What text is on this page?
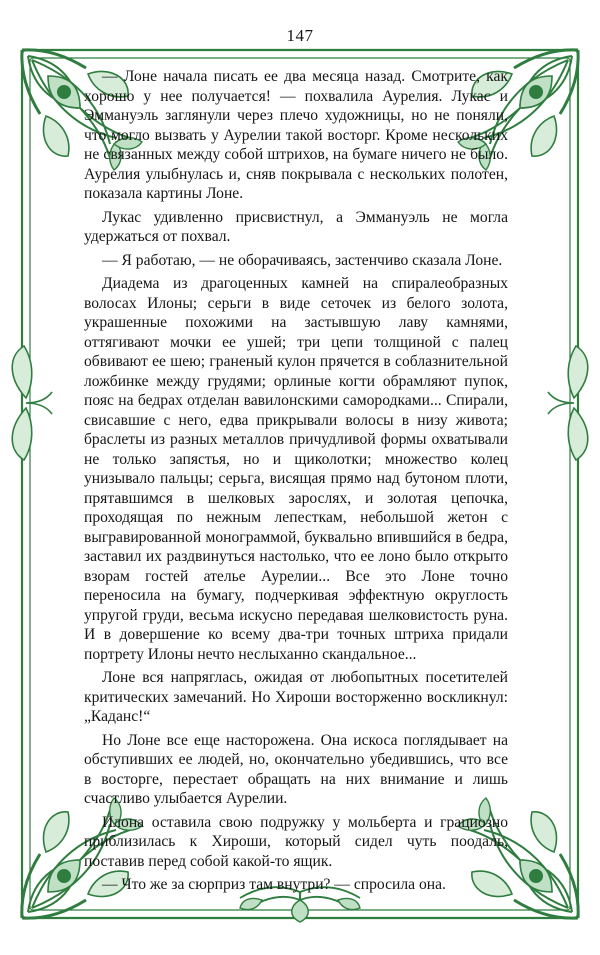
147

— Лоне начала писать ее два месяца назад. Смотрите, как хорошо у нее получается! — похвалила Аурелия. Лукас и Эммануэль заглянули через плечо художницы, но не поняли, что могло вызвать у Аурелии такой восторг. Кроме нескольких не связанных между собой штрихов, на бумаге ничего не было. Аурелия улыбнулась и, сняв покрывала с нескольких полотен, показала картины Лоне.

Лукас удивленно присвистнул, а Эммануэль не могла удержаться от похвал.

— Я работаю, — не оборачиваясь, застенчиво сказала Лоне.

Диадема из драгоценных камней на спиралеобразных волосах Илоны; серьги в виде сеточек из белого золота, украшенные похожими на застывшую лаву камнями, оттягивают мочки ее ушей; три цепи толщиной с палец обвивают ее шею; граненый кулон прячется в соблазнительной ложбинке между грудями; орлиные когти обрамляют пупок, пояс на бедрах отделан вавилонскими самородками... Спирали, свисавшие с него, едва прикрывали волосы в низу живота; браслеты из разных металлов причудливой формы охватывали не только запястья, но и щиколотки; множество колец унизывало пальцы; серьга, висящая прямо над бутоном плоти, прятавшимся в шелковых зарослях, и золотая цепочка, проходящая по нежным лепесткам, небольшой жетон с выгравированной монограммой, буквально впившийся в бедра, заставил их раздвинуться настолько, что ее лоно было открыто взорам гостей ателье Аурелии... Все это Лоне точно переносила на бумагу, подчеркивая эффектную округлость упругой груди, весьма искусно передавая шелковистость руна. И в довершение ко всему два-три точных штриха придали портрету Илоны нечто неслыханно скандальное...

Лоне вся напряглась, ожидая от любопытных посетителей критических замечаний. Но Хироши восторженно воскликнул: „Каданс!“

Но Лоне все еще насторожена. Она искоса поглядывает на обступивших ее людей, но, окончательно убедившись, что все в восторге, перестает обращать на них внимание и лишь счастливо улыбается Аурелии.

Илона оставила свою подружку у мольберта и грациозно приблизилась к Хироши, который сидел чуть поодаль, поставив перед собой какой-то ящик.

— Что же за сюрприз там внутри? — спросила она.
